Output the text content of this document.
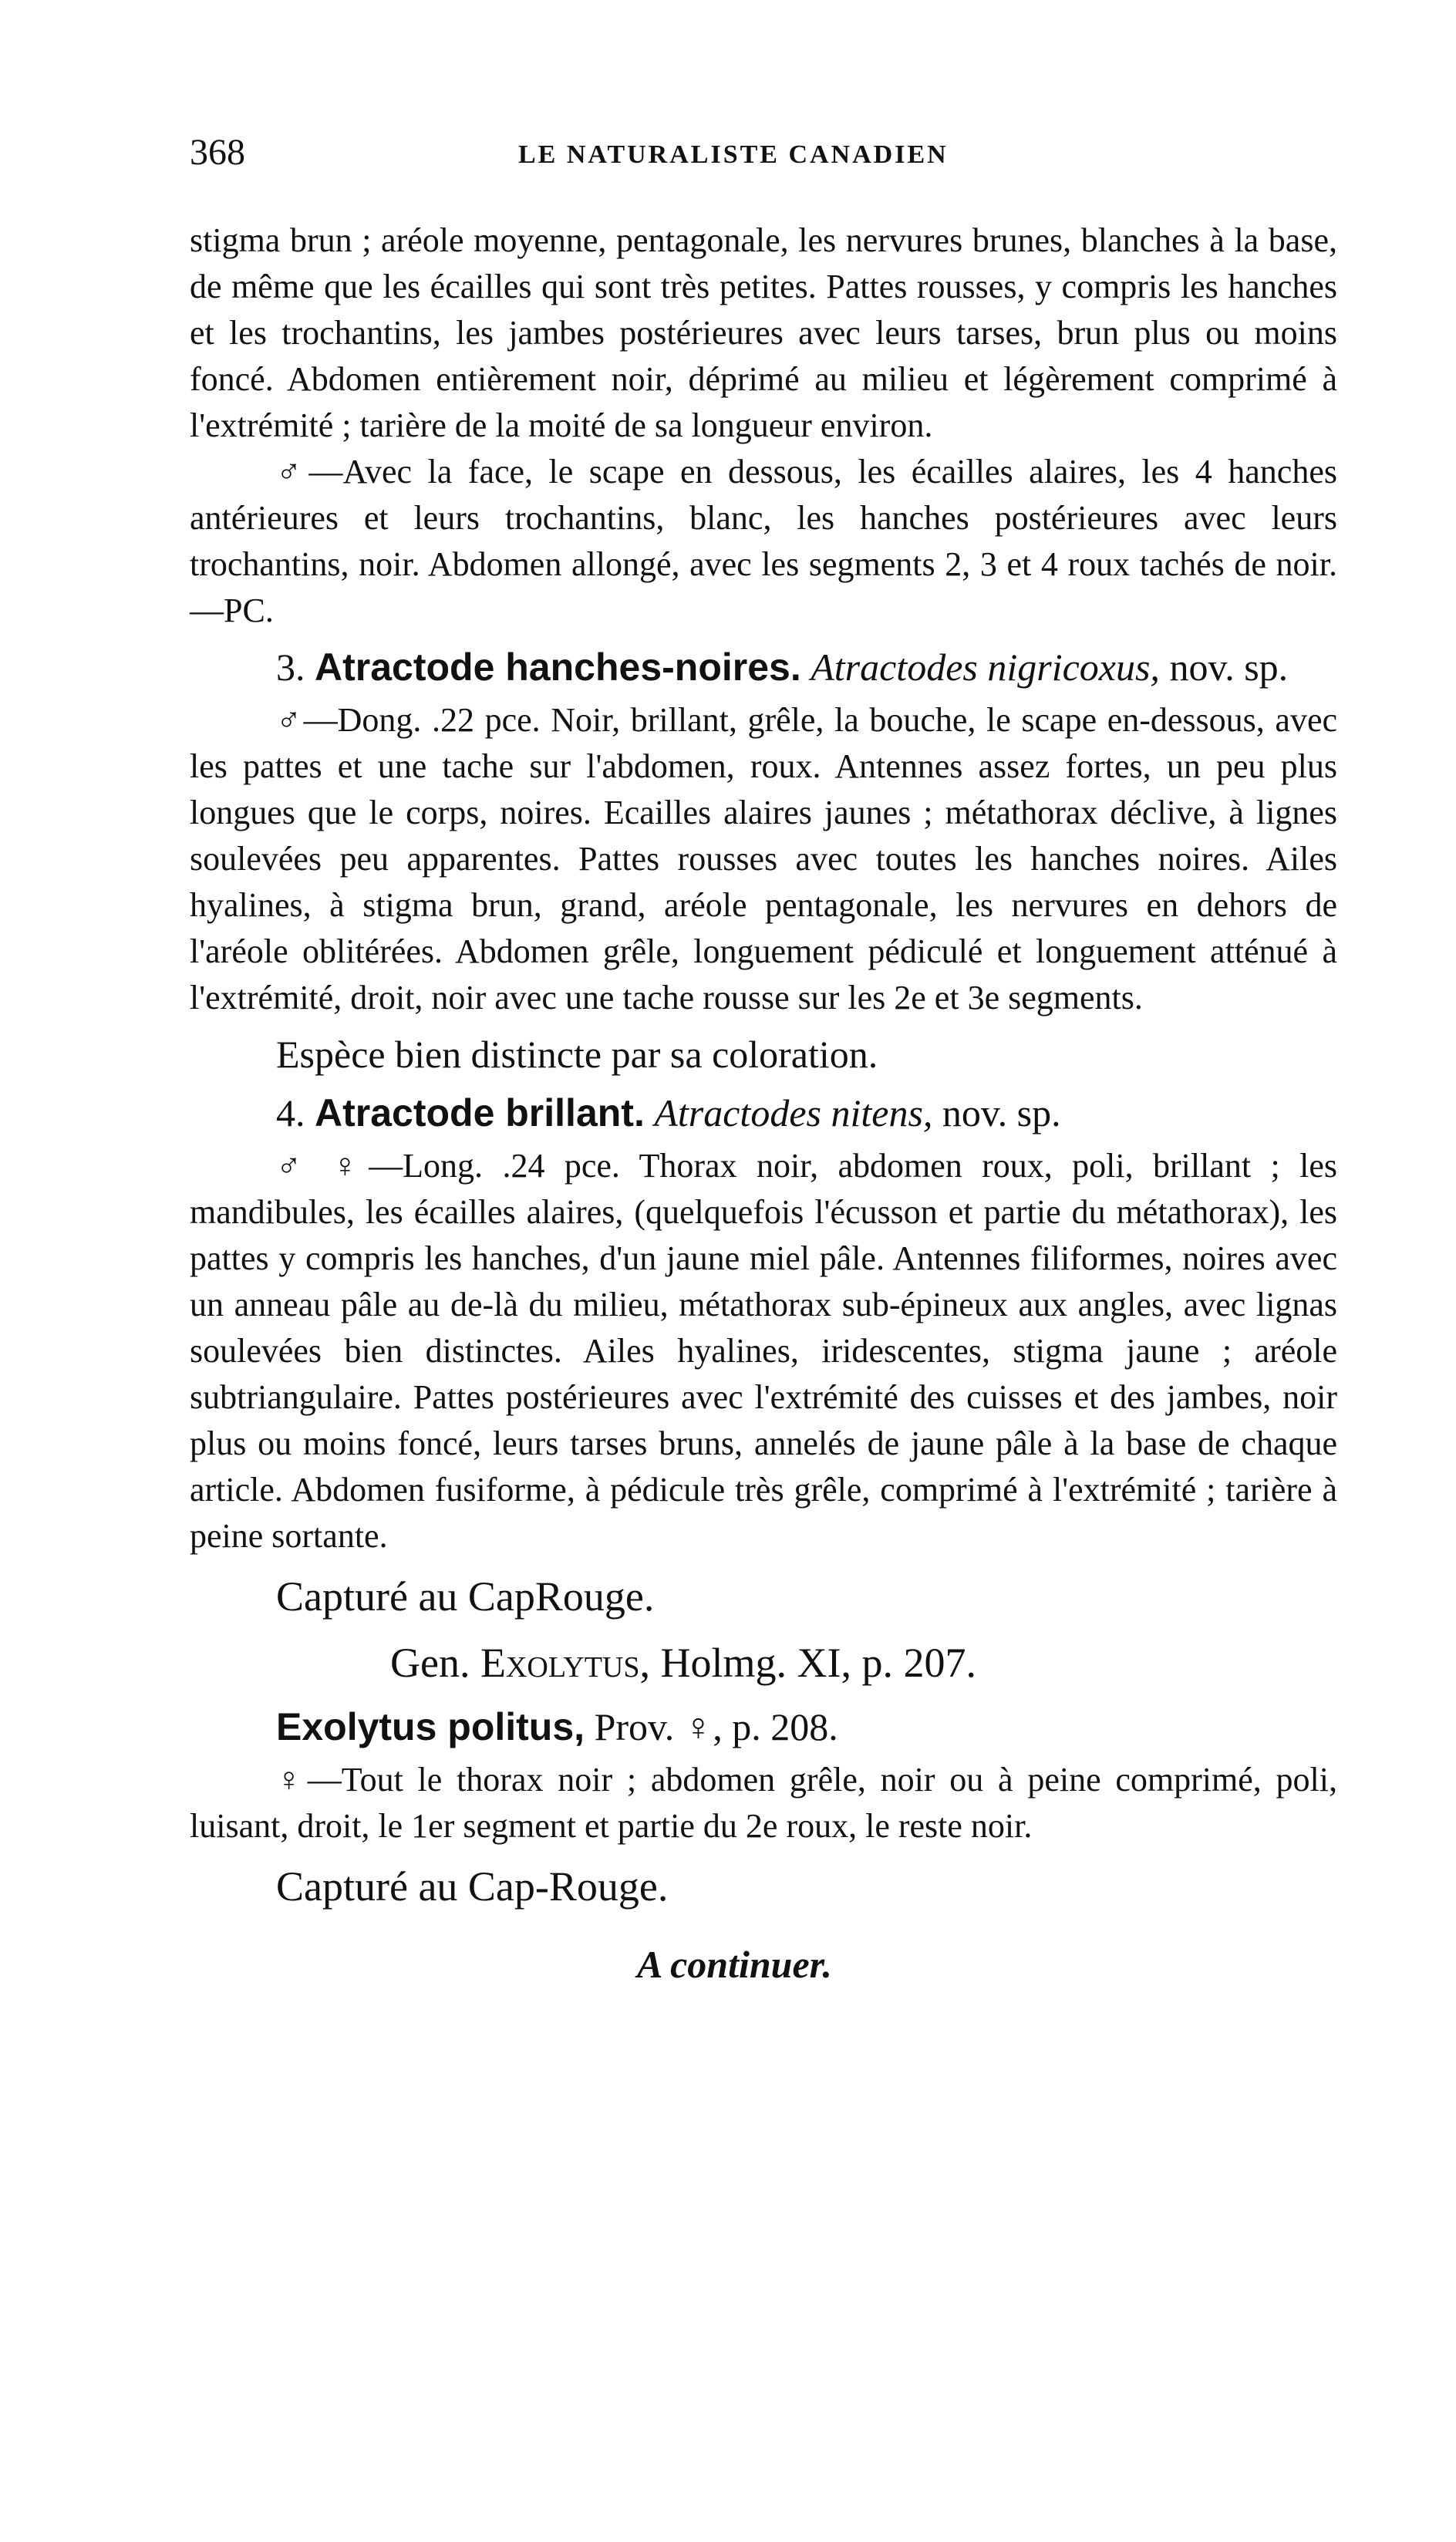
368	LE NATURALISTE CANADIEN

stigma brun ; aréole moyenne, pentagonale, les nervures brunes, blanches à la base, de même que les écailles qui sont très petites. Pattes rousses, y compris les hanches et les trochantins, les jambes postérieures avec leurs tarses, brun plus ou moins foncé. Abdomen entièrement noir, déprimé au milieu et légèrement comprimé à l'extrémité ; tarière de la moité de sa longueur environ.

♂—Avec la face, le scape en dessous, les écailles alaires, les 4 hanches antérieures et leurs trochantins, blanc, les hanches postérieures avec leurs trochantins, noir. Abdomen allongé, avec les segments 2, 3 et 4 roux tachés de noir.—PC.

3. Atractode hanches-noires. Atractodes nigricoxus, nov. sp.

♂—Dong. .22 pce. Noir, brillant, grêle, la bouche, le scape en-dessous, avec les pattes et une tache sur l'abdomen, roux. Antennes assez fortes, un peu plus longues que le corps, noires. Ecailles alaires jaunes ; métathorax déclive, à lignes soulevées peu apparentes. Pattes rousses avec toutes les hanches noires. Ailes hyalines, à stigma brun, grand, aréole pentagonale, les nervures en dehors de l'aréole oblitérées. Abdomen grêle, longuement pédiculé et longuement atténué à l'extrémité, droit, noir avec une tache rousse sur les 2e et 3e segments.

Espèce bien distincte par sa coloration.

4. Atractode brillant. Atractodes nitens, nov. sp.

♂ ♀—Long. .24 pce. Thorax noir, abdomen roux, poli, brillant ; les mandibules, les écailles alaires, (quelquefois l'écusson et partie du métathorax), les pattes y compris les hanches, d'un jaune miel pâle. Antennes filiformes, noires avec un anneau pâle au de-là du milieu, métathorax sub-épineux aux angles, avec lignas soulevées bien distinctes. Ailes hyalines, iridescentes, stigma jaune ; aréole subtriangulaire. Pattes postérieures avec l'extrémité des cuisses et des jambes, noir plus ou moins foncé, leurs tarses bruns, annelés de jaune pâle à la base de chaque article. Abdomen fusiforme, à pédicule très grêle, comprimé à l'extrémité ; tarière à peine sortante.

Capturé au CapRouge.

Gen. Exolytus, Holmg. XI, p. 207.

Exolytus politus, Prov. ♀, p. 208.

♀—Tout le thorax noir ; abdomen grêle, noir ou à peine comprimé, poli, luisant, droit, le 1er segment et partie du 2e roux, le reste noir.

Capturé au Cap-Rouge.

A continuer.
